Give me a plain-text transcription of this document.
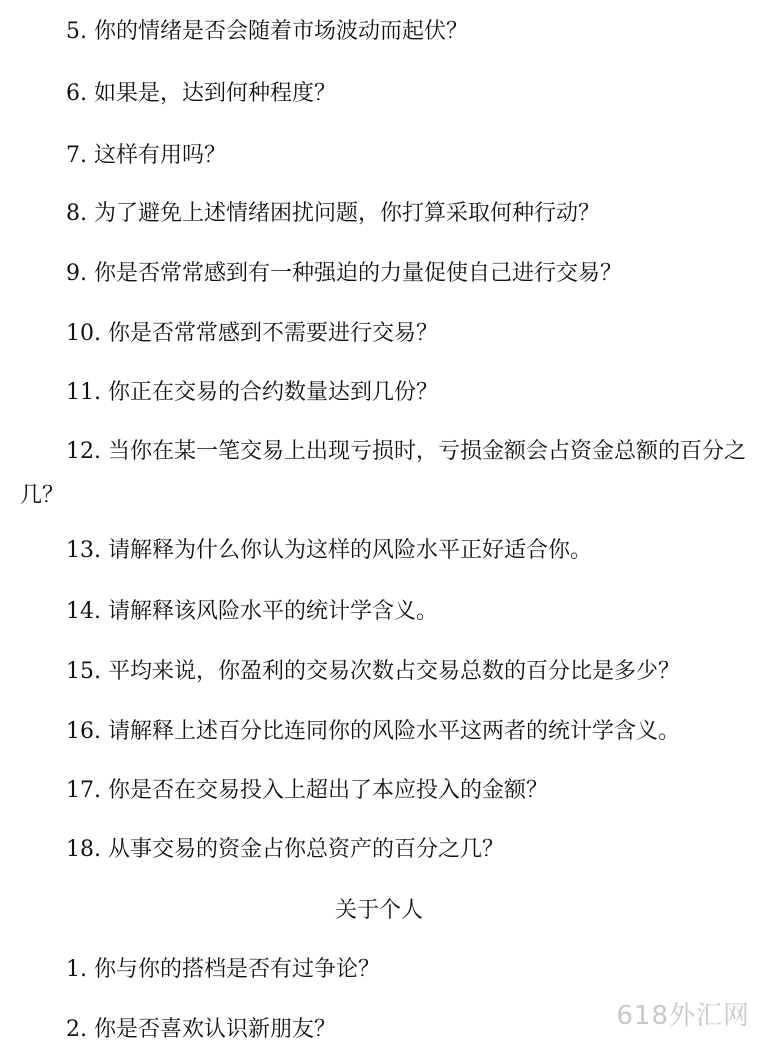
5. 你的情绪是否会随着市场波动而起伏？
6. 如果是，达到何种程度？
7. 这样有用吗？
8. 为了避免上述情绪困扰问题，你打算采取何种行动？
9. 你是否常常感到有一种强迫的力量促使自己进行交易？
10. 你是否常常感到不需要进行交易？
11. 你正在交易的合约数量达到几份？
12. 当你在某一笔交易上出现亏损时，亏损金额会占资金总额的百分之几？
13. 请解释为什么你认为这样的风险水平正好适合你。
14. 请解释该风险水平的统计学含义。
15. 平均来说，你盈利的交易次数占交易总数的百分比是多少？
16. 请解释上述百分比连同你的风险水平这两者的统计学含义。
17. 你是否在交易投入上超出了本应投入的金额？
18. 从事交易的资金占你总资产的百分之几？
关于个人
1. 你与你的搭档是否有过争论？
2. 你是否喜欢认识新朋友？	618外汇网
